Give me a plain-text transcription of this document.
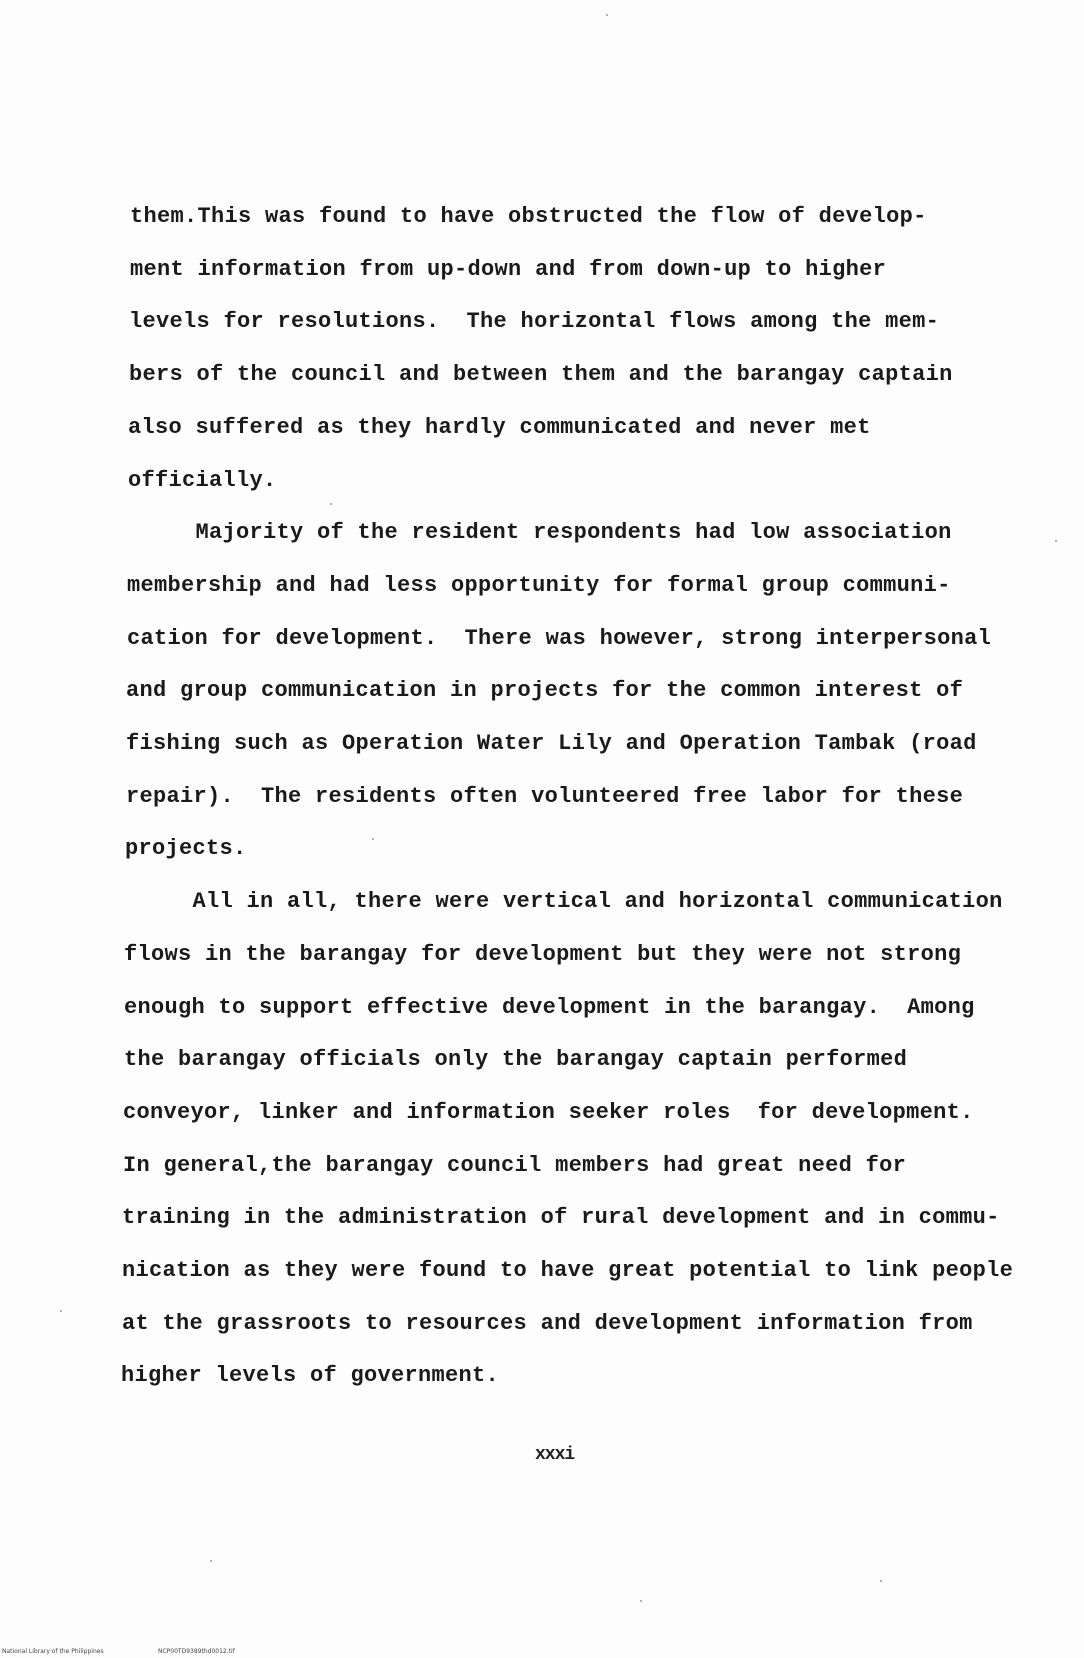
them.This was found to have obstructed the flow of develop-
ment information from up-down and from down-up to higher
levels for resolutions.  The horizontal flows among the mem-
bers of the council and between them and the barangay captain
also suffered as they hardly communicated and never met
officially.
Majority of the resident respondents had low association
membership and had less opportunity for formal group communi-
cation for development.  There was however, strong interpersonal
and group communication in projects for the common interest of
fishing such as Operation Water Lily and Operation Tambak (road
repair).  The residents often volunteered free labor for these
projects.
All in all, there were vertical and horizontal communication
flows in the barangay for development but they were not strong
enough to support effective development in the barangay.  Among
the barangay officials only the barangay captain performed
conveyor, linker and information seeker roles  for development.
In general,the barangay council members had great need for
training in the administration of rural development and in commu-
nication as they were found to have great potential to link people
at the grassroots to resources and development information from
higher levels of government.
xxxi
National Library of the Philippines	NCP00TD9389thd0012.tif
